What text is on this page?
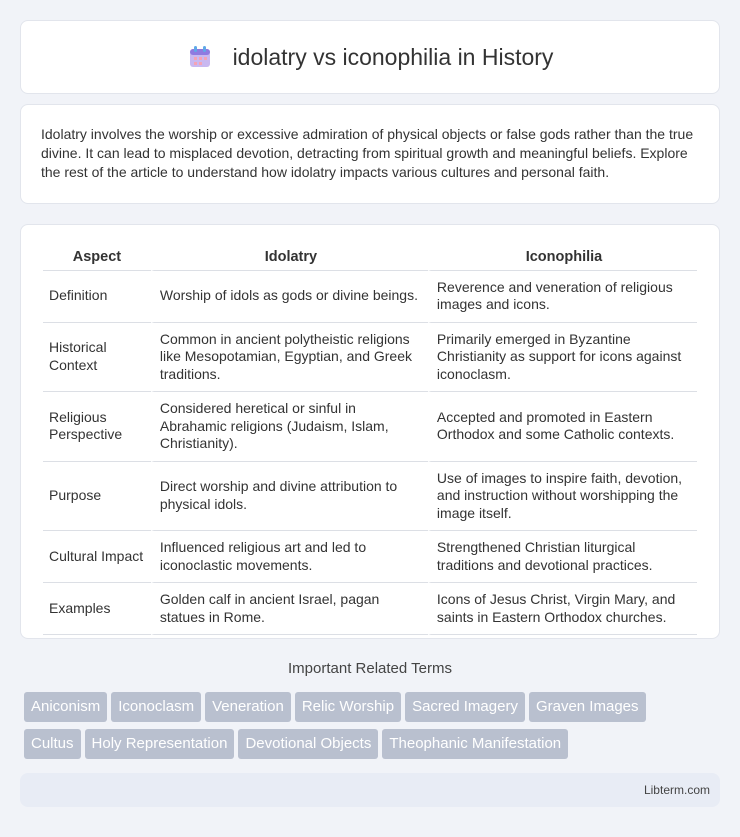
idolatry vs iconophilia in History

Idolatry involves the worship or excessive admiration of physical objects or false gods rather than the true divine. It can lead to misplaced devotion, detracting from spiritual growth and meaningful beliefs. Explore the rest of the article to understand how idolatry impacts various cultures and personal faith.

Aspect	Idolatry	Iconophilia
Definition	Worship of idols as gods or divine beings.	Reverence and veneration of religious images and icons.
Historical Context	Common in ancient polytheistic religions like Mesopotamian, Egyptian, and Greek traditions.	Primarily emerged in Byzantine Christianity as support for icons against iconoclasm.
Religious Perspective	Considered heretical or sinful in Abrahamic religions (Judaism, Islam, Christianity).	Accepted and promoted in Eastern Orthodox and some Catholic contexts.
Purpose	Direct worship and divine attribution to physical idols.	Use of images to inspire faith, devotion, and instruction without worshipping the image itself.
Cultural Impact	Influenced religious art and led to iconoclastic movements.	Strengthened Christian liturgical traditions and devotional practices.
Examples	Golden calf in ancient Israel, pagan statues in Rome.	Icons of Jesus Christ, Virgin Mary, and saints in Eastern Orthodox churches.
Important Related Terms
Aniconism Iconoclasm Veneration Relic Worship Sacred Imagery Graven Images
Cultus Holy Representation Devotional Objects Theophanic Manifestation
Libterm.com
